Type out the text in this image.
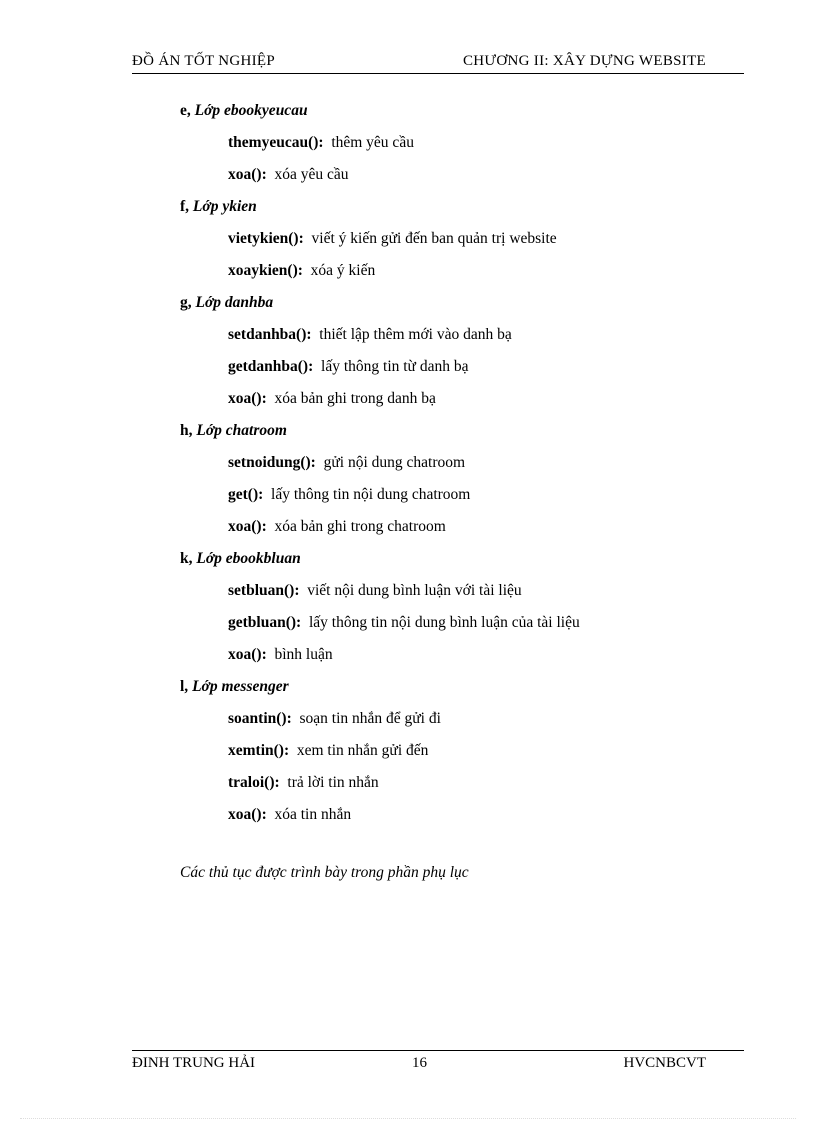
ĐỒ ÁN TỐT NGHIỆP	CHƯƠNG II: XÂY DỰNG WEBSITE
e, Lớp ebookyeucau
themyeucau(): thêm yêu cầu
xoa(): xóa yêu cầu
f, Lớp ykien
vietykien(): viết ý kiến gửi đến ban quản trị website
xoaykien(): xóa ý kiến
g, Lớp danhba
setdanhba(): thiết lập thêm mới vào danh bạ
getdanhba(): lấy thông tin từ danh bạ
xoa(): xóa bản ghi trong danh bạ
h, Lớp chatroom
setnoidung(): gửi nội dung chatroom
get(): lấy thông tin nội dung chatroom
xoa(): xóa bản ghi trong chatroom
k, Lớp ebookbluan
setbluan(): viết nội dung bình luận với tài liệu
getbluan(): lấy thông tin nội dung bình luận của tài liệu
xoa(): bình luận
l, Lớp messenger
soantin(): soạn tin nhắn để gửi đi
xemtin(): xem tin nhắn gửi đến
traloi(): trả lời tin nhắn
xoa(): xóa tin nhắn
Các thủ tục được trình bày trong phần phụ lục
ĐINH TRUNG HẢI	16	HVCNBCVT
